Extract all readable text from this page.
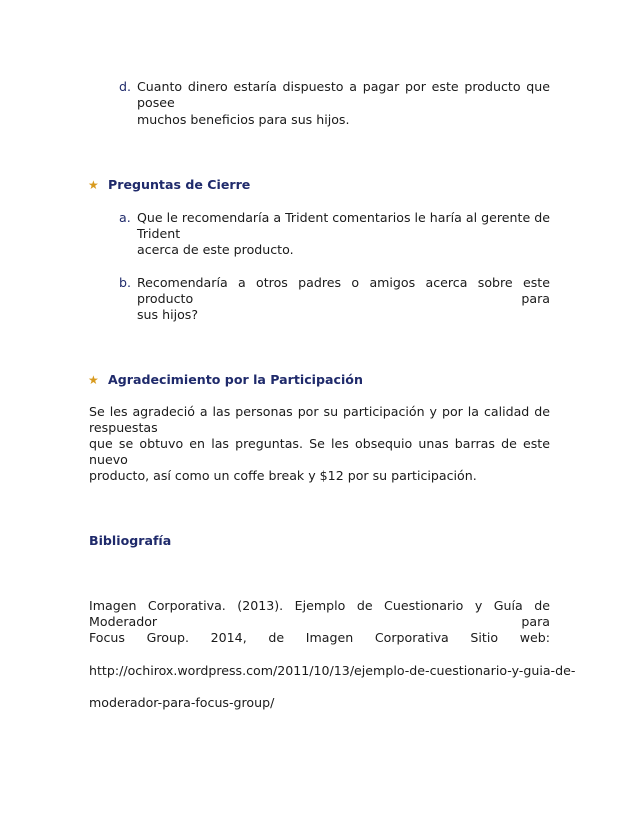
d. Cuanto dinero estaría dispuesto a pagar por este producto que posee
muchos beneficios para sus hijos.
★ Preguntas de Cierre
a. Que le recomendaría a Trident comentarios le haría al gerente de Trident
acerca de este producto.
b. Recomendaría a otros padres o amigos acerca sobre este producto para
sus hijos?
★ Agradecimiento por la Participación
Se les agradeció a las personas por su participación y por la calidad de respuestas
que se obtuvo en las preguntas. Se les obsequio unas barras de este nuevo
producto, así como un coffe break y $12 por su participación.
Bibliografía
Imagen Corporativa. (2013). Ejemplo de Cuestionario y Guía de Moderador para
Focus Group. 2014, de Imagen Corporativa Sitio web:
http://ochirox.wordpress.com/2011/10/13/ejemplo-de-cuestionario-y-guia-de-
moderador-para-focus-group/
